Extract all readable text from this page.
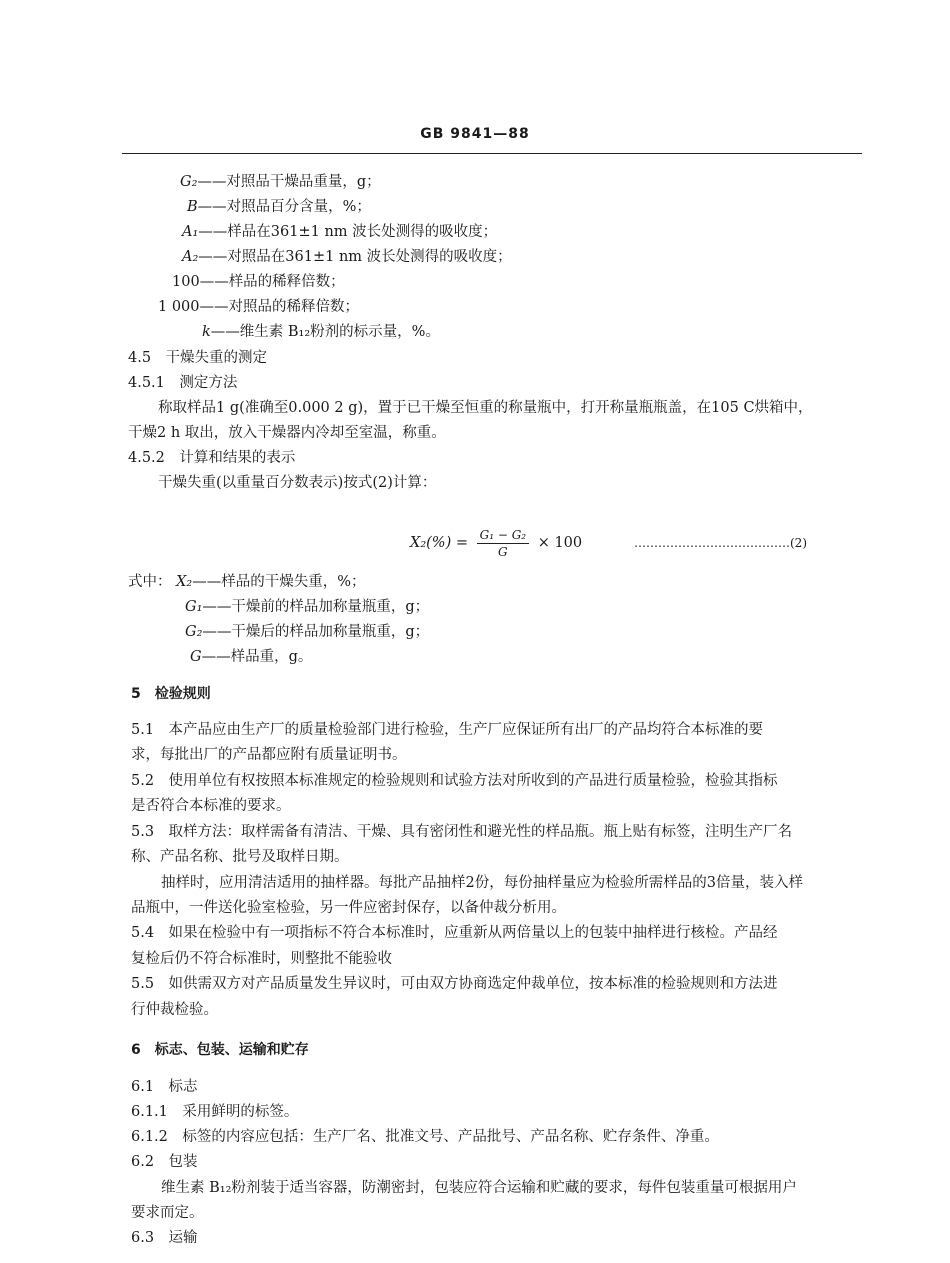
GB 9841—88
G₂——对照品干燥品重量，g；
B——对照品百分含量，%；
A₁——样品在361±1 nm 波长处测得的吸收度；
A₂——对照品在361±1 nm 波长处测得的吸收度；
100——样品的稀释倍数；
1 000——对照品的稀释倍数；
k——维生素 B₁₂粉剂的标示量，%。
4.5　干燥失重的测定
4.5.1　测定方法
称取样品1 g(准确至0.000 2 g)，置于已干燥至恒重的称量瓶中，打开称量瓶瓶盖，在105 C烘箱中，
干燥2 h 取出，放入干燥器内冷却至室温，称重。
4.5.2　计算和结果的表示
干燥失重(以重量百分数表示)按式(2)计算：
$X_2(\%) = \frac{\text{G₁ − G₂}}{G} \times 100$	…………………………………(2)
式中： X₂——样品的干燥失重，%；
G₁——干燥前的样品加称量瓶重，g；
G₂——干燥后的样品加称量瓶重，g；
G——样品重，g。
5　检验规则
5.1　本产品应由生产厂的质量检验部门进行检验，生产厂应保证所有出厂的产品均符合本标准的要
求，每批出厂的产品都应附有质量证明书。
5.2　使用单位有权按照本标准规定的检验规则和试验方法对所收到的产品进行质量检验，检验其指标
是否符合本标准的要求。
5.3　取样方法：取样需备有清洁、干燥、具有密闭性和避光性的样品瓶。瓶上贴有标签，注明生产厂名
称、产品名称、批号及取样日期。
抽样时，应用清洁适用的抽样器。每批产品抽样2份，每份抽样量应为检验所需样品的3倍量，装入样
品瓶中，一件送化验室检验，另一件应密封保存，以备仲裁分析用。
5.4　如果在检验中有一项指标不符合本标准时，应重新从两倍量以上的包装中抽样进行核检。产品经
复检后仍不符合标准时，则整批不能验收
5.5　如供需双方对产品质量发生异议时，可由双方协商选定仲裁单位，按本标准的检验规则和方法进
行仲裁检验。
6　标志、包装、运输和贮存
6.1　标志
6.1.1　采用鲜明的标签。
6.1.2　标签的内容应包括：生产厂名、批准文号、产品批号、产品名称、贮存条件、净重。
6.2　包装
维生素 B₁₂粉剂装于适当容器，防潮密封，包装应符合运输和贮藏的要求，每件包装重量可根据用户
要求而定。
6.3　运输
